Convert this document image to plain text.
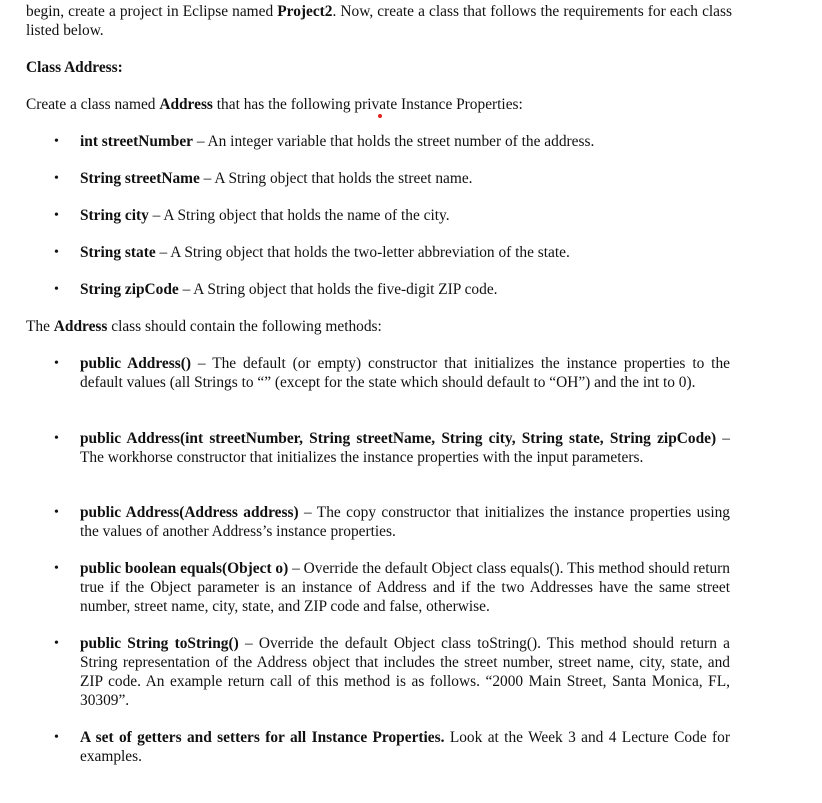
begin, create a project in Eclipse named Project2. Now, create a class that follows the requirements for each class listed below.

Class Address:

Create a class named Address that has the following private Instance Properties:

• int streetNumber – An integer variable that holds the street number of the address.
• String streetName – A String object that holds the street name.
• String city – A String object that holds the name of the city.
• String state – A String object that holds the two-letter abbreviation of the state.
• String zipCode – A String object that holds the five-digit ZIP code.

The Address class should contain the following methods:

• public Address() – The default (or empty) constructor that initializes the instance properties to the default values (all Strings to “” (except for the state which should default to “OH”) and the int to 0).
• public Address(int streetNumber, String streetName, String city, String state, String zipCode) – The workhorse constructor that initializes the instance properties with the input parameters.
• public Address(Address address) – The copy constructor that initializes the instance properties using the values of another Address’s instance properties.
• public boolean equals(Object o) – Override the default Object class equals(). This method should return true if the Object parameter is an instance of Address and if the two Addresses have the same street number, street name, city, state, and ZIP code and false, otherwise.
• public String toString() – Override the default Object class toString(). This method should return a String representation of the Address object that includes the street number, street name, city, state, and ZIP code. An example return call of this method is as follows. “2000 Main Street, Santa Monica, FL, 30309”.
• A set of getters and setters for all Instance Properties. Look at the Week 3 and 4 Lecture Code for examples.
